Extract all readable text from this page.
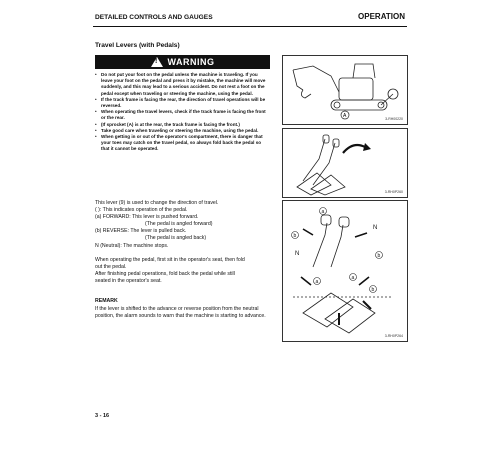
DETAILED CONTROLS AND GAUGES	OPERATION
Travel Levers (with Pedals)
! WARNING
• Do not put your foot on the pedal unless the machine is traveling. If you leave your foot on the pedal and press it by mistake, the machine will move suddenly, and this may lead to a serious accident. Do not rest a foot on the pedal except when traveling or steering the machine, using the pedal.
• If the track frame is facing the rear, the direction of travel operations will be reversed.
• When operating the travel levers, check if the track frame is facing the front or the rear.
• (If sprocket (A) is at the rear, the track frame is facing the front.)
• Take good care when traveling or steering the machine, using the pedal.
• When getting in or out of the operator's compartment, there is danger that your toes may catch on the travel pedal, so always fold back the pedal so that it cannot be operated.
A	3-RH00220
3-RH0P260
a
b
a
b
N
N
b
a
3-RH0P264
This lever (9) is used to change the direction of travel.
( ): This indicates operation of the pedal.
(a) FORWARD: This lever is pushed forward.
(The pedal is angled forward)
(b) REVERSE: The lever is pulled back.
(The pedal is angled back)
N (Neutral): The machine stops.
When operating the pedal, first sit in the operator's seat, then fold
out the pedal.
After finishing pedal operations, fold back the pedal while still
seated in the operator's seat.
REMARK
If the lever is shifted to the advance or reverse position from the neutral position, the alarm sounds to warn that the machine is starting to advance.
3 - 16
